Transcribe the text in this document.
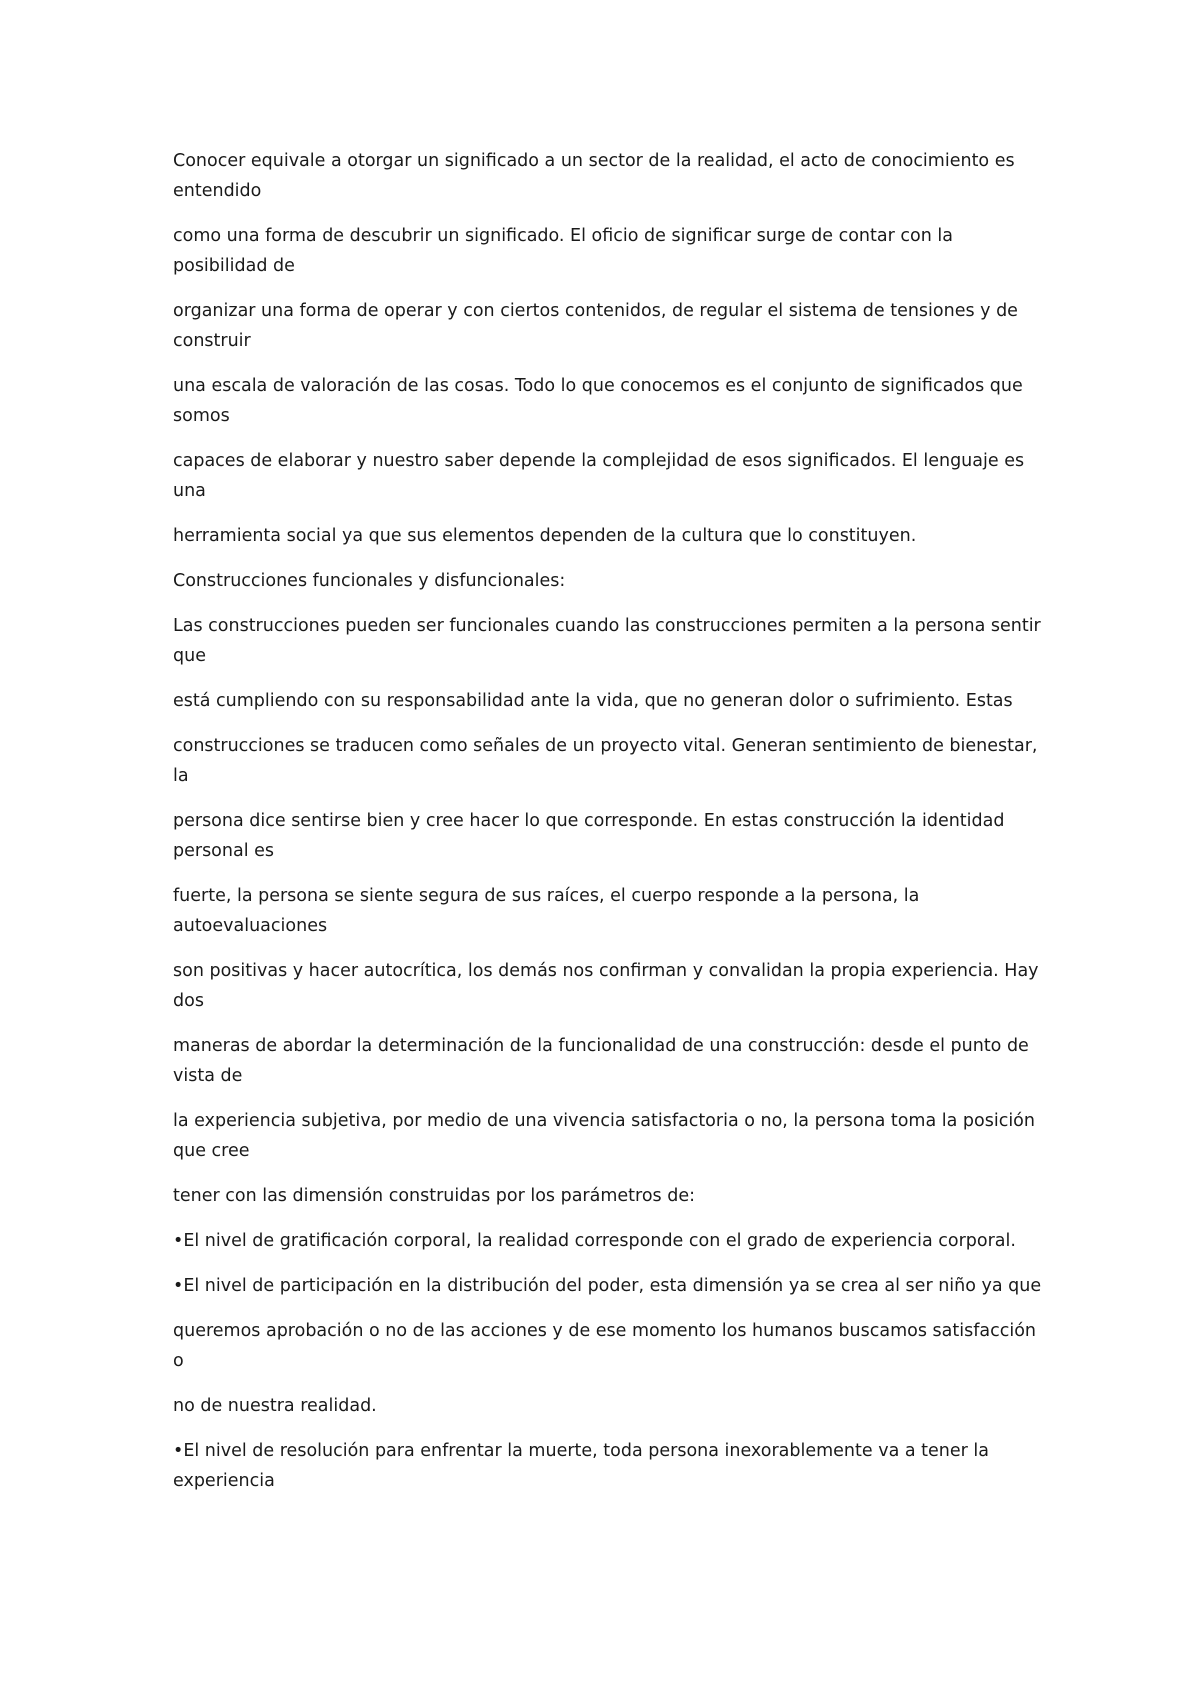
Conocer equivale a otorgar un significado a un sector de la realidad, el acto de conocimiento es entendido

como una forma de descubrir un significado. El oficio de significar surge de contar con la posibilidad de

organizar una forma de operar y con ciertos contenidos, de regular el sistema de tensiones y de construir

una escala de valoración de las cosas. Todo lo que conocemos es el conjunto de significados que somos

capaces de elaborar y nuestro saber depende la complejidad de esos significados. El lenguaje es una

herramienta social ya que sus elementos dependen de la cultura que lo constituyen.

Construcciones funcionales y disfuncionales:

Las construcciones pueden ser funcionales cuando las construcciones permiten a la persona sentir que

está cumpliendo con su responsabilidad ante la vida, que no generan dolor o sufrimiento. Estas

construcciones se traducen como señales de un proyecto vital. Generan sentimiento de bienestar, la

persona dice sentirse bien y cree hacer lo que corresponde. En estas construcción la identidad personal es

fuerte, la persona se siente segura de sus raíces, el cuerpo responde a la persona, la autoevaluaciones

son positivas y hacer autocrítica, los demás nos confirman y convalidan la propia experiencia. Hay dos

maneras de abordar la determinación de la funcionalidad de una construcción: desde el punto de vista de

la experiencia subjetiva, por medio de una vivencia satisfactoria o no, la persona toma la posición que cree

tener con las dimensión construidas por los parámetros de:

•El nivel de gratificación corporal, la realidad corresponde con el grado de experiencia corporal.

•El nivel de participación en la distribución del poder, esta dimensión ya se crea al ser niño ya que

queremos aprobación o no de las acciones y de ese momento los humanos buscamos satisfacción o

no de nuestra realidad.

•El nivel de resolución para enfrentar la muerte, toda persona inexorablemente va a tener la experiencia
